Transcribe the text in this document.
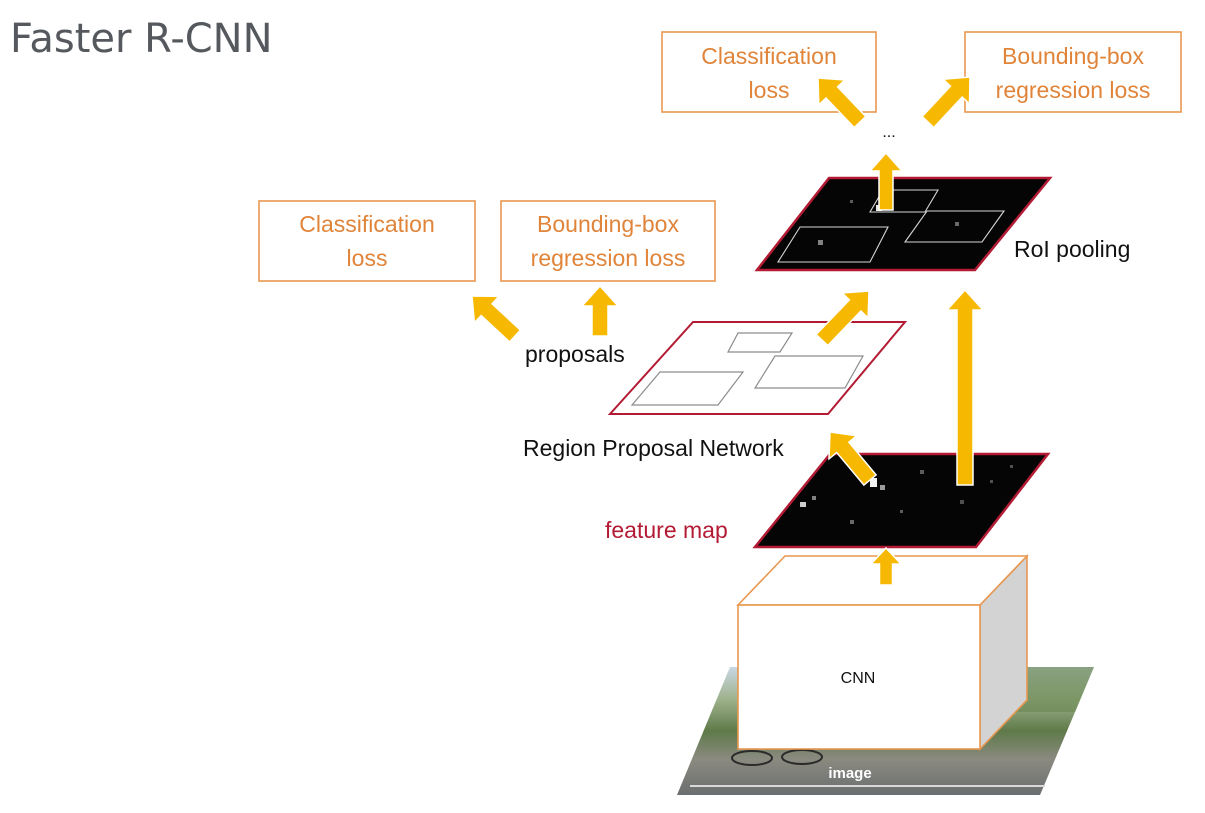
Faster R-CNN
image
CNN
feature map
proposals
Region Proposal Network
RoI pooling
...
Classification
loss
Bounding-box
regression loss
Classification
loss
Bounding-box
regression loss
